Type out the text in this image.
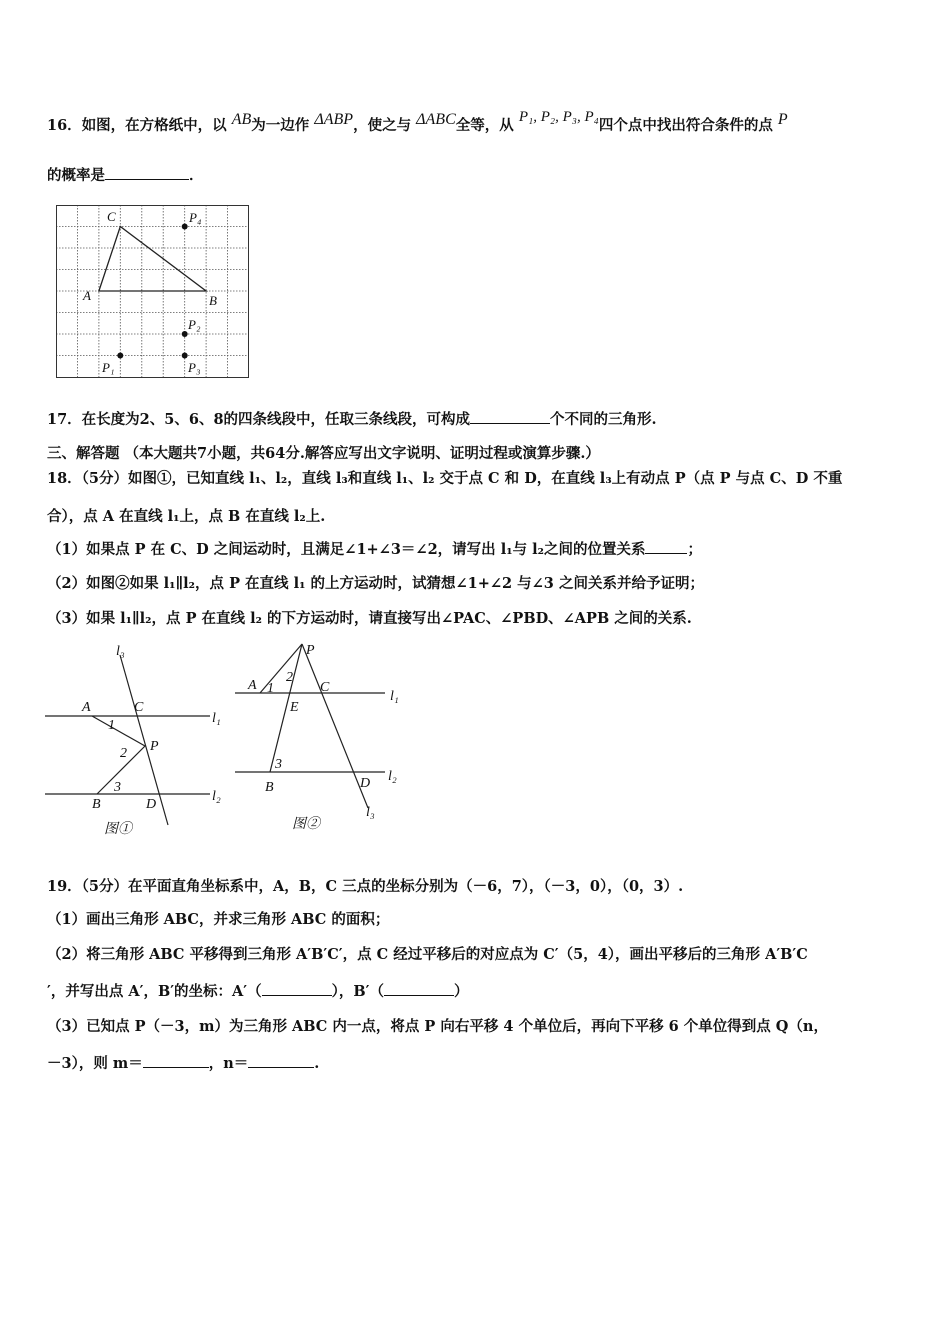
16．如图，在方格纸中，以 AB为一边作 ΔABP，使之与 ΔABC全等，从 P₁, P₂, P₃, P₄四个点中找出符合条件的点 P
的概率是	．
C
A	B
P₄
P₂
P₁	P₃
17．在长度为2、5、6、8的四条线段中，任取三条线段，可构成	个不同的三角形.
三、解答题 （本大题共7小题，共64分.解答应写出文字说明、证明过程或演算步骤.）
18．（5分）如图①，已知直线 l₁、l₂，直线 l₃和直线 l₁、l₂ 交于点 C 和 D，在直线 l₃上有动点 P（点 P 与点 C、D 不重
合），点 A 在直线 l₁上，点 B 在直线 l₂上.
（1）如果点 P 在 C、D 之间运动时，且满足∠1+∠3＝∠2，请写出 l₁与 l₂之间的位置关系	；
（2）如图②如果 l₁∥l₂，点 P 在直线 l₁ 的上方运动时，试猜想∠1+∠2 与∠3 之间关系并给予证明；
（3）如果 l₁∥l₂，点 P 在直线 l₂ 的下方运动时，请直接写出∠PAC、∠PBD、∠APB 之间的关系.
l₃
A	C
l₁
1
2 P
3
B	D
l₂
图①
P
A 1
2
C
l₁
E
3
B	D l₂
l₃
图②
19．（5分）在平面直角坐标系中，A，B，C 三点的坐标分别为（－6，7），（－3，0），（0，3）.
（1）画出三角形 ABC，并求三角形 ABC 的面积；
（2）将三角形 ABC 平移得到三角形 A′B′C′，点 C 经过平移后的对应点为 C′（5，4），画出平移后的三角形 A′B′C
′，并写出点 A′，B′的坐标：A′（	），B′（	）
（3）已知点 P（－3，m）为三角形 ABC 内一点，将点 P 向右平移 4 个单位后，再向下平移 6 个单位得到点 Q（n，
－3），则 m＝	，n＝	.
